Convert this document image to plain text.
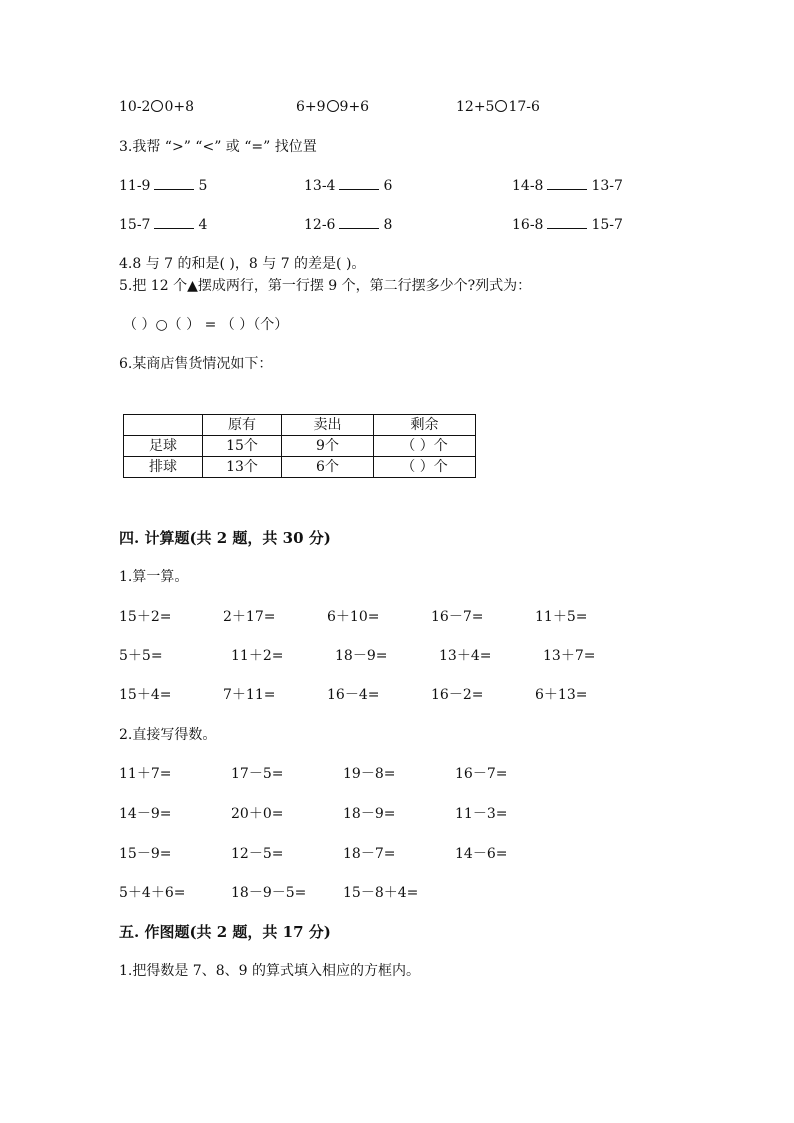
10-2 0+8	6+9 9+6	12+5 17-6
3.我帮 “>” “<” 或 “=” 找位置
11-9	5	13-4	6	14-8	13-7
15-7	4	12-6	8	16-8	15-7
4.8 与 7 的和是( )，8 与 7 的差是( )。
5.把 12 个▲摆成两行，第一行摆 9 个，第二行摆多少个?列式为：
（ ）○（ ） = （ ）（个）
6.某商店售货情况如下：
	原有	卖出	剩余
足球	15个	9个	（ ）个
排球	13个	6个	（ ）个
四. 计算题(共 2 题，共 30 分)
1.算一算。
15＋2=	2＋17=	6＋10=	16－7=	11＋5=
5＋5=	11＋2=	18－9=	13＋4=	13＋7=
15＋4=	7＋11=	16－4=	16－2=	6＋13=
2.直接写得数。
11＋7=	17－5=	19－8=	16－7=
14－9=	20＋0=	18－9=	11－3=
15－9=	12－5=	18－7=	14－6=
5＋4＋6=	18－9－5=	15－8＋4=
五. 作图题(共 2 题，共 17 分)
1.把得数是 7、8、9 的算式填入相应的方框内。
